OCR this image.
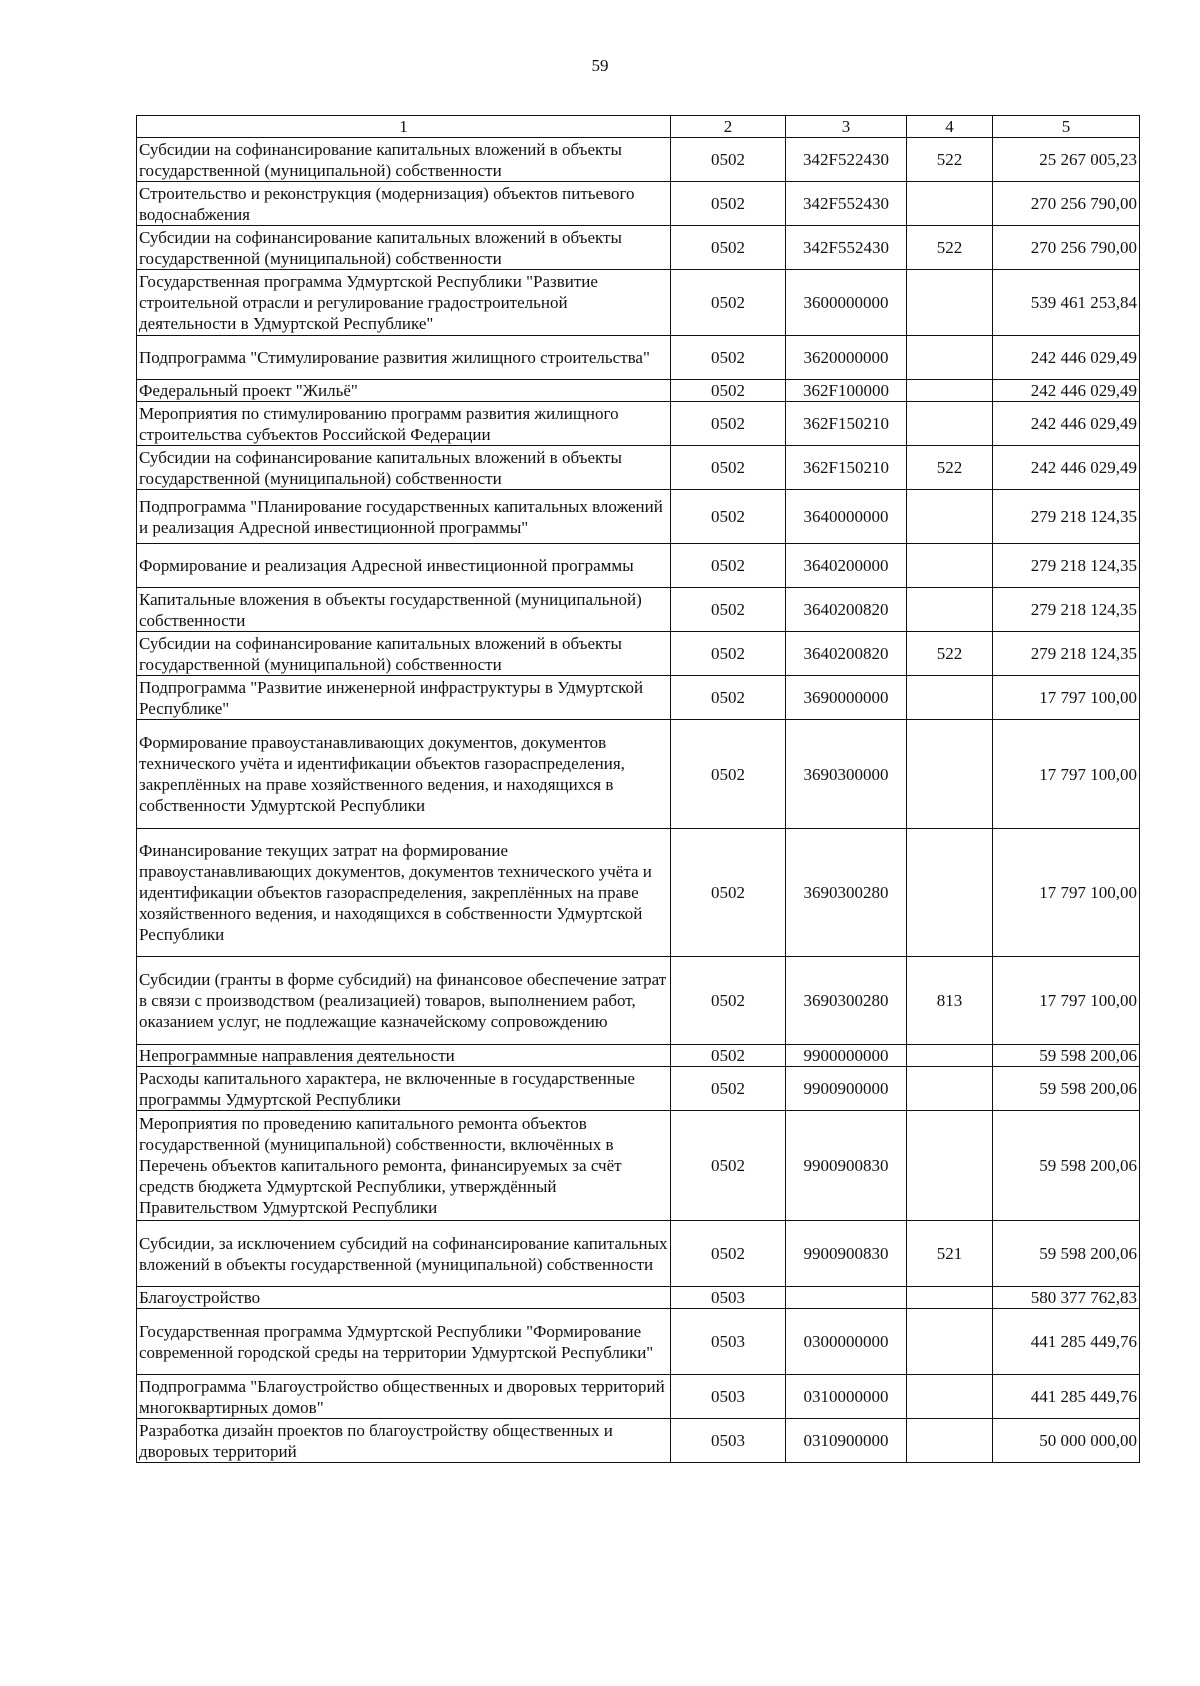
59
1	2	3	4	5
Субсидии на софинансирование капитальных вложений в объекты государственной (муниципальной) собственности	0502	342F522430	522	25 267 005,23
Строительство и реконструкция (модернизация) объектов питьевого водоснабжения	0502	342F552430		270 256 790,00
Субсидии на софинансирование капитальных вложений в объекты государственной (муниципальной) собственности	0502	342F552430	522	270 256 790,00
Государственная программа Удмуртской Республики "Развитие строительной отрасли и регулирование градостроительной деятельности в Удмуртской Республике"	0502	3600000000		539 461 253,84
Подпрограмма "Стимулирование развития жилищного строительства"	0502	3620000000		242 446 029,49
Федеральный проект "Жильё"	0502	362F100000		242 446 029,49
Мероприятия по стимулированию программ развития жилищного строительства субъектов Российской Федерации	0502	362F150210		242 446 029,49
Субсидии на софинансирование капитальных вложений в объекты государственной (муниципальной) собственности	0502	362F150210	522	242 446 029,49
Подпрограмма "Планирование государственных капитальных вложений и реализация Адресной инвестиционной программы"	0502	3640000000		279 218 124,35
Формирование и реализация Адресной инвестиционной программы	0502	3640200000		279 218 124,35
Капитальные вложения в объекты государственной (муниципальной) собственности	0502	3640200820		279 218 124,35
Субсидии на софинансирование капитальных вложений в объекты государственной (муниципальной) собственности	0502	3640200820	522	279 218 124,35
Подпрограмма "Развитие инженерной инфраструктуры в Удмуртской Республике"	0502	3690000000		17 797 100,00
Формирование правоустанавливающих документов, документов технического учёта и идентификации объектов газораспределения, закреплённых на праве хозяйственного ведения, и находящихся в собственности Удмуртской Республики	0502	3690300000		17 797 100,00
Финансирование текущих затрат на формирование правоустанавливающих документов, документов технического учёта и идентификации объектов газораспределения, закреплённых на праве хозяйственного ведения, и находящихся в собственности Удмуртской Республики	0502	3690300280		17 797 100,00
Субсидии (гранты в форме субсидий) на финансовое обеспечение затрат в связи с производством (реализацией) товаров, выполнением работ, оказанием услуг, не подлежащие казначейскому сопровождению	0502	3690300280	813	17 797 100,00
Непрограммные направления деятельности	0502	9900000000		59 598 200,06
Расходы капитального характера, не включенные в государственные программы Удмуртской Республики	0502	9900900000		59 598 200,06
Мероприятия по проведению капитального ремонта объектов государственной (муниципальной) собственности, включённых в Перечень объектов капитального ремонта, финансируемых за счёт средств бюджета Удмуртской Республики, утверждённый Правительством Удмуртской Республики	0502	9900900830		59 598 200,06
Субсидии, за исключением субсидий на софинансирование капитальных вложений в объекты государственной (муниципальной) собственности	0502	9900900830	521	59 598 200,06
Благоустройство	0503			580 377 762,83
Государственная программа Удмуртской Республики "Формирование современной городской среды на территории Удмуртской Республики"	0503	0300000000		441 285 449,76
Подпрограмма "Благоустройство общественных и дворовых территорий многоквартирных домов"	0503	0310000000		441 285 449,76
Разработка дизайн проектов по благоустройству общественных и дворовых территорий	0503	0310900000		50 000 000,00
